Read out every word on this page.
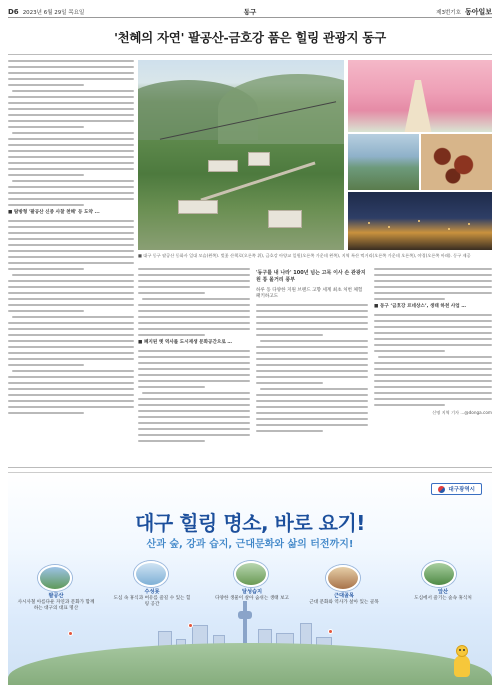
D6 2023년 6월 29일 목요일	동구	제3번기호 동아일보
'천혜의 자연' 팔공산-금호강 품은 힐링 관광지 동구
■ 탐방형 '팔공산 신중 사찰 천해' 등 도약 ...
■ 대구 동구 팔공산 동화사 일대 모습(왼쪽). 벚꽃 산책로(오른쪽 위), 금호강 아양교 일원(오른쪽 가운데 왼쪽), 지역 특산 먹거리(오른쪽 가운데 오른쪽), 야경(오른쪽 아래). 동구 제공
■ 폐지된 옛 역사를 도시재생 문화공간으로 …
'동구를 내 나라' 100년 넘는 고목 이사 손 관광지원 통 몰거리 풍부
하루 동 다양한 지원 브랜드 고향 세계 최초 처번 체험 패키하고도
■ 동구 ‘금호강 르네상스’, 생태 하천 사업 …
신명 지역 기자 ...@donga.com
대구광역시
대구 힐링 명소, 바로 요기!
산과 숲, 강과 습지, 근대문화와 삶의 터전까지!
팔공산
사시사철 아름다운 자연과 문화가 함께하는 대구의 대표 명산
수성못
도심 속 휴식과 여유를 즐길 수 있는 힐링 공간
달성습지
다양한 생물이 살아 숨쉬는 생태 보고	근대골목
근대 문화와 역사가 살아 있는 골목
앞산
도심에서 즐기는 숲속 휴식처
